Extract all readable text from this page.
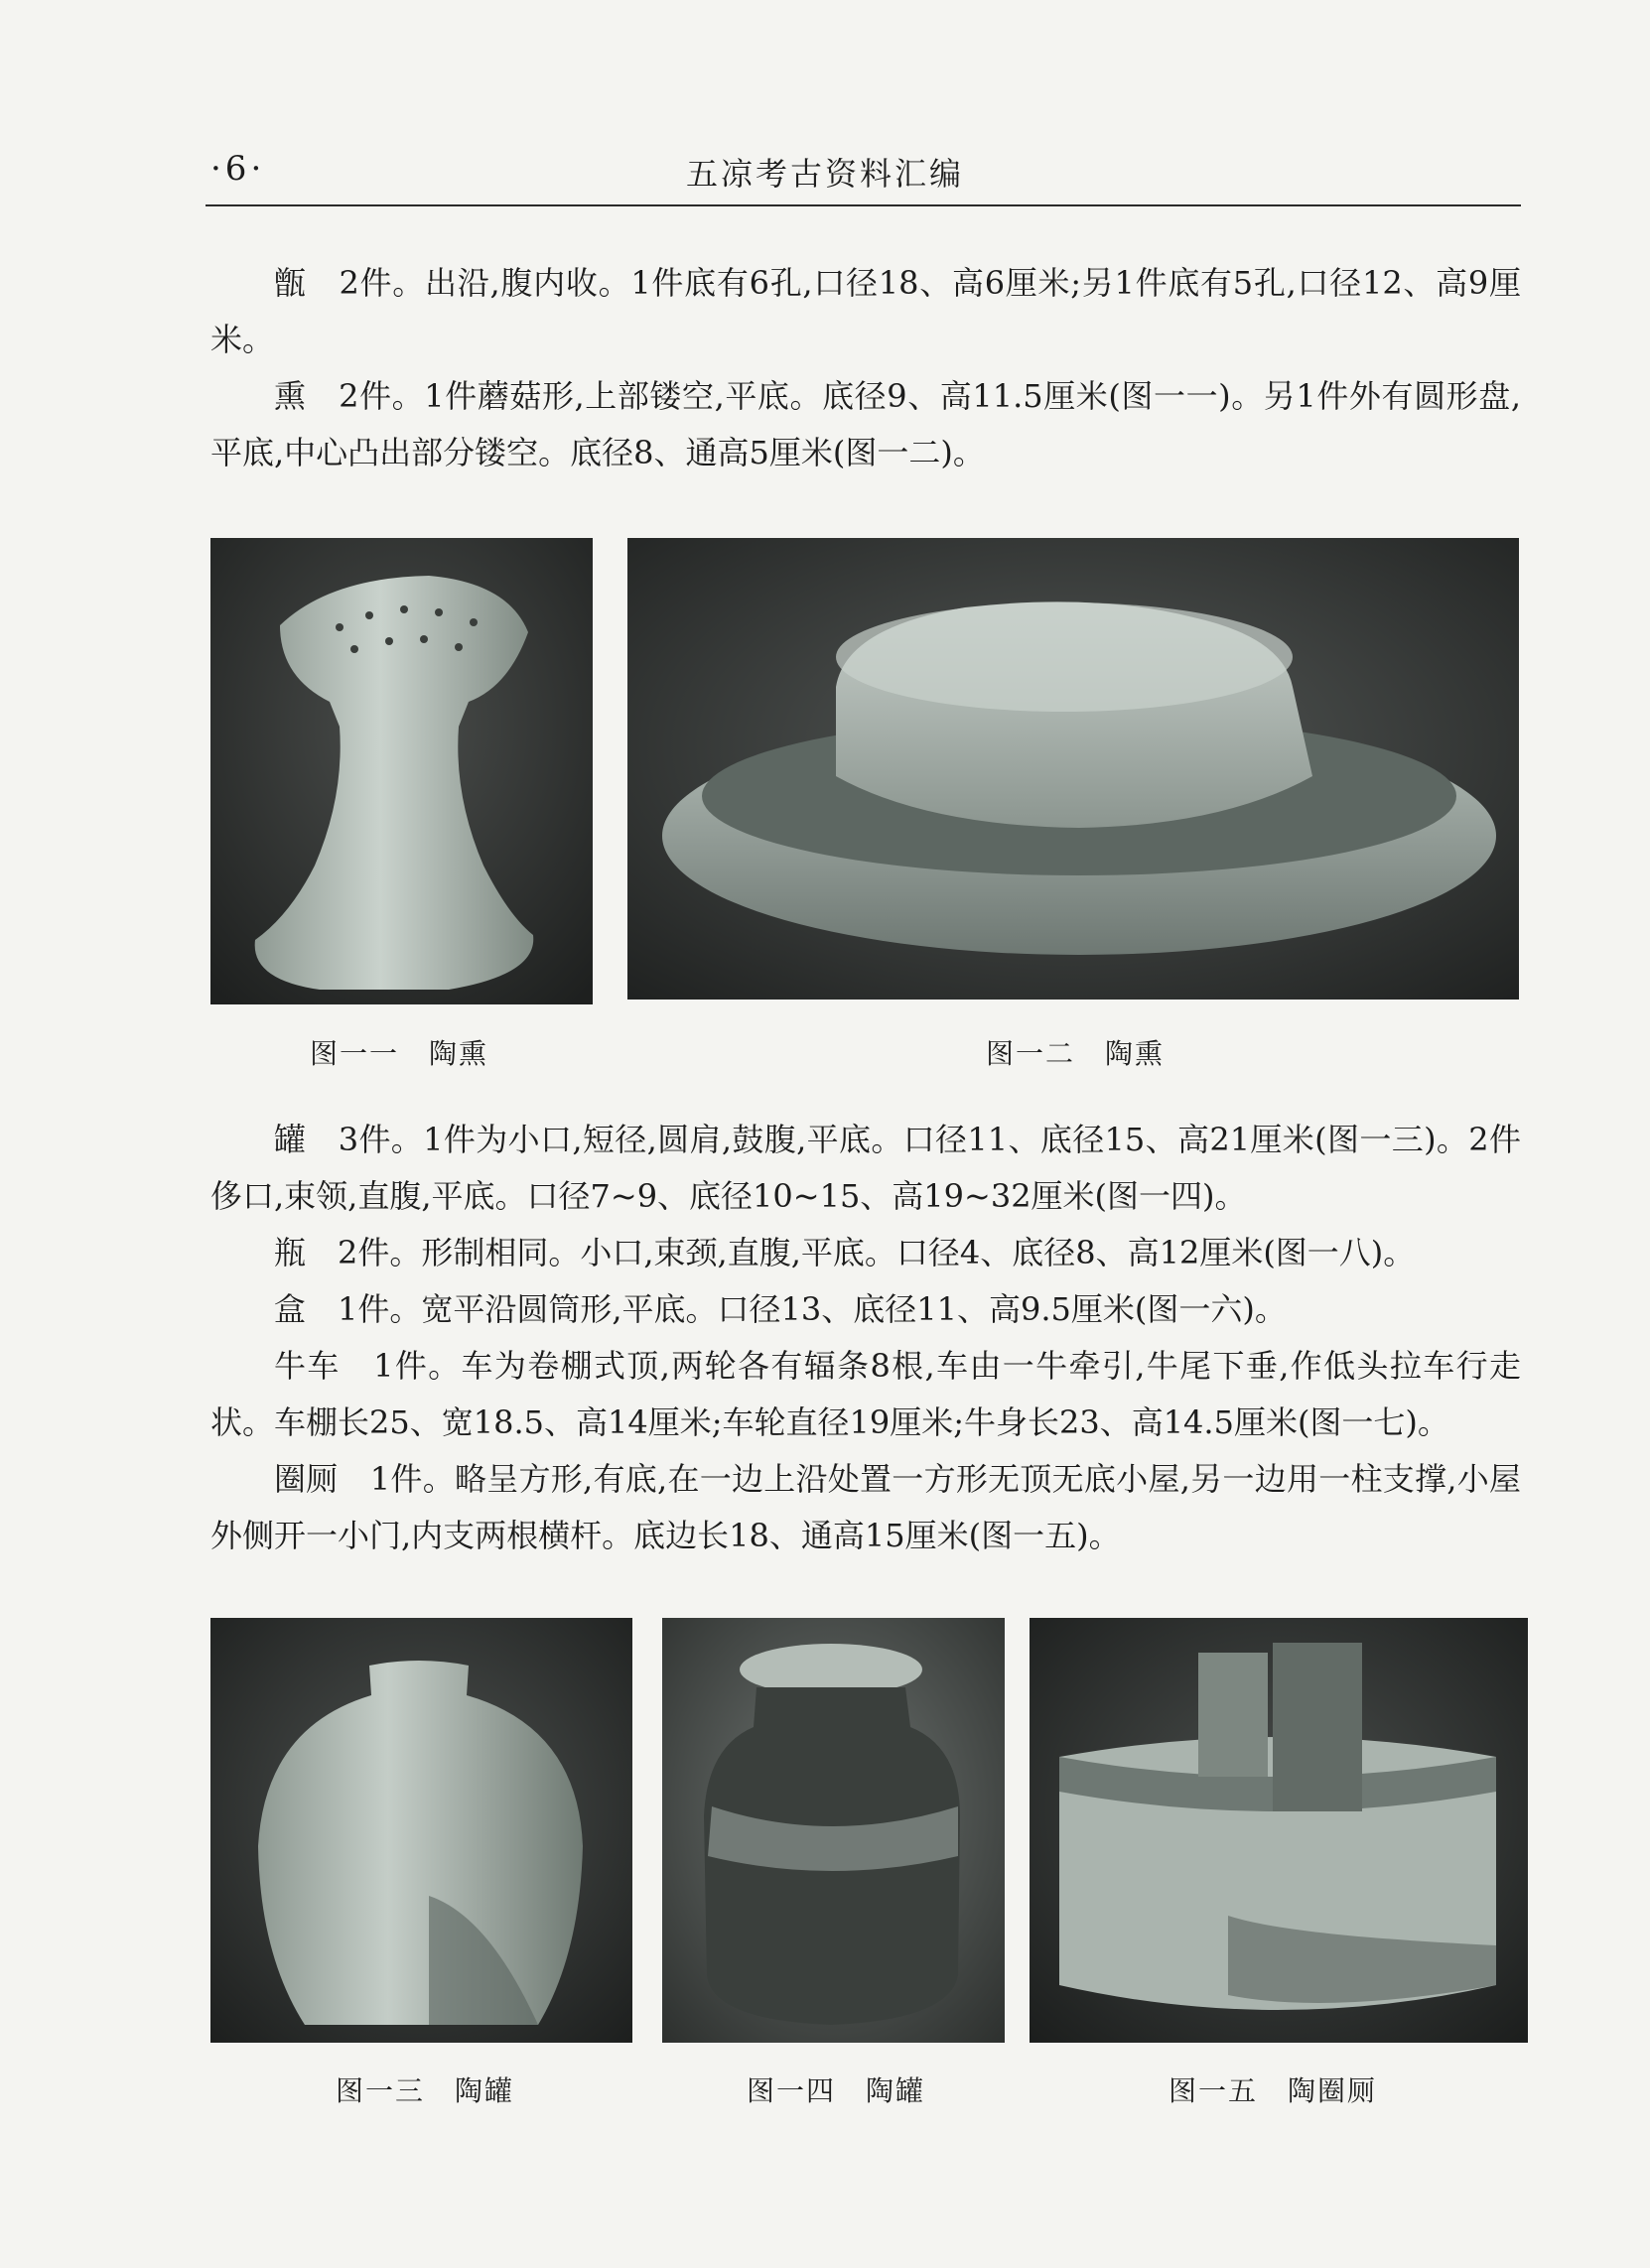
·6·	五凉考古资料汇编

甑　2件。出沿,腹内收。1件底有6孔,口径18、高6厘米;另1件底有5孔,口径12、高9厘米。

熏　2件。1件蘑菇形,上部镂空,平底。底径9、高11.5厘米(图一一)。另1件外有圆形盘,平底,中心凸出部分镂空。底径8、通高5厘米(图一二)。

图一一　陶熏	图一二　陶熏

罐　3件。1件为小口,短径,圆肩,鼓腹,平底。口径11、底径15、高21厘米(图一三)。2件侈口,束领,直腹,平底。口径7~9、底径10~15、高19~32厘米(图一四)。

瓶　2件。形制相同。小口,束颈,直腹,平底。口径4、底径8、高12厘米(图一八)。

盒　1件。宽平沿圆筒形,平底。口径13、底径11、高9.5厘米(图一六)。

牛车　1件。车为卷棚式顶,两轮各有辐条8根,车由一牛牵引,牛尾下垂,作低头拉车行走状。车棚长25、宽18.5、高14厘米;车轮直径19厘米;牛身长23、高14.5厘米(图一七)。

圈厕　1件。略呈方形,有底,在一边上沿处置一方形无顶无底小屋,另一边用一柱支撑,小屋外侧开一小门,内支两根横杆。底边长18、通高15厘米(图一五)。

图一三　陶罐	图一四　陶罐	图一五　陶圈厕
